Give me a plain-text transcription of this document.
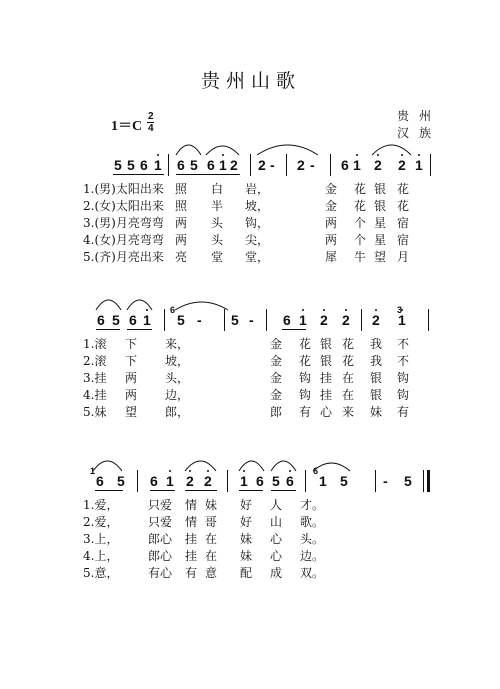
贵州山歌
1＝C
2
4
贵州
汉族
5 5 6 1 6 5 6 1 2 2 - 2 - 6 1 2 2 1
1.(男)太阳出来 照 白 岩，	金 花 银 花
2.(女)太阳出来 照 半 坡，	金 花 银 花
3.(男)月亮弯弯 两 头 钩，	两 个 星 宿
4.(女)月亮弯弯 两 头 尖，	两 个 星 宿
5.(齐)月亮出来 亮 堂 堂，	犀 牛 望 月
6 5 6 1 5 - 5 - 6 1 2 2 2 1
6	3
1.滚 下 来，	金 花 银 花 我 不
2.滚 下 坡，	金 花 银 花 我 不
3.挂 两 头，	金 钩 挂 在 银 钩
4.挂 两 边，	金 钩 挂 在 银 钩
5.妹 望 郎，	郎 有 心 来 妹 有
6 5 6 1 2 2 1 6 5 6 1 5	- 5
1	6
1.爱， 只爱 情 妹 好 人 才。
2.爱， 只爱 情 哥 好 山 歌。
3.上， 郎心 挂 在 妹 心 头。
4.上， 郎心 挂 在 妹 心 边。
5.意， 有心 有 意 配 成 双。
